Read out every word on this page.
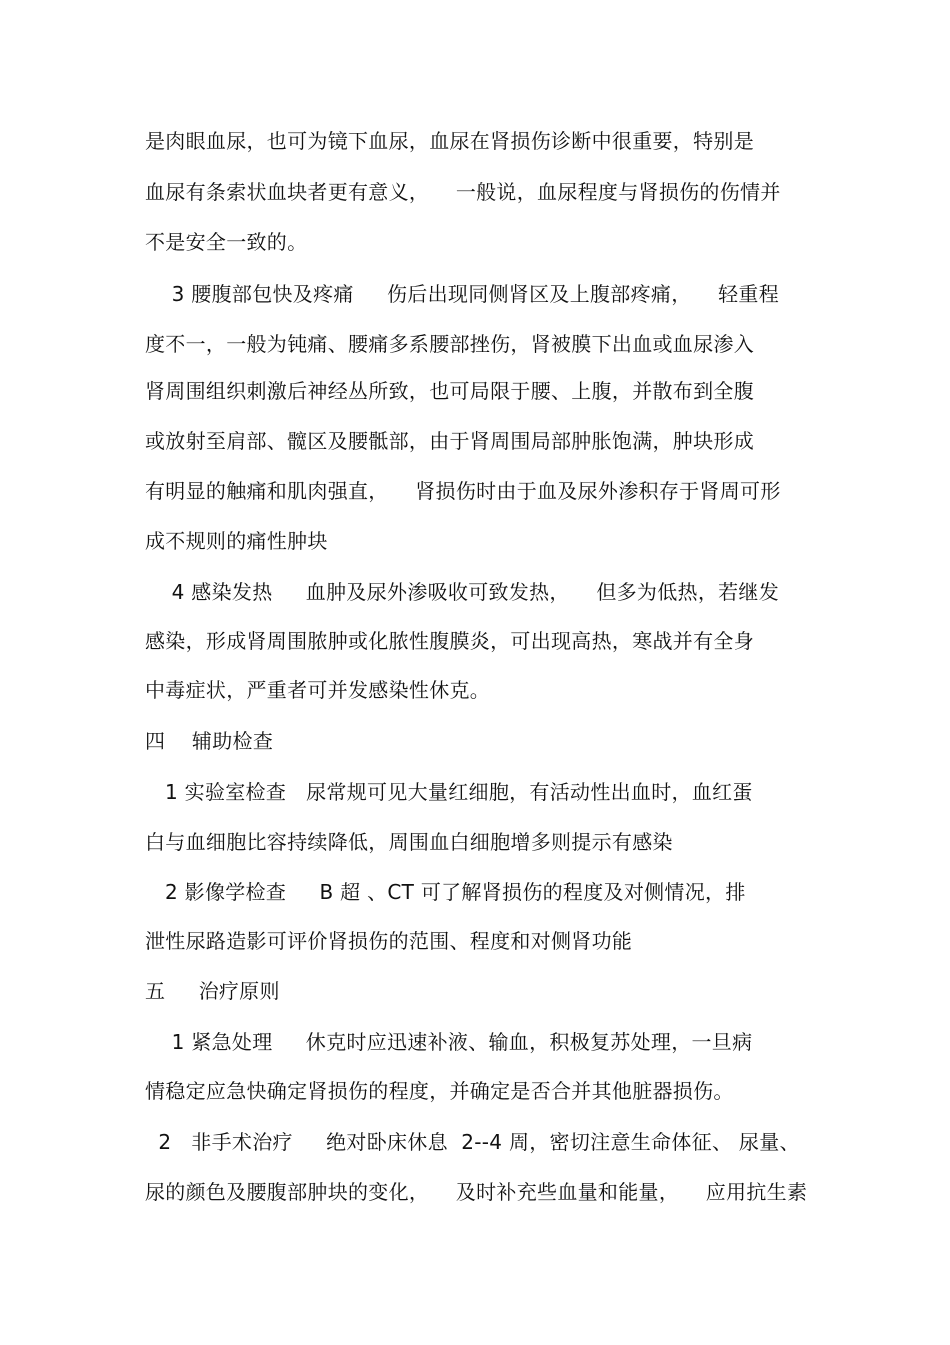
是肉眼血尿，也可为镜下血尿，血尿在肾损伤诊断中很重要，特别是
血尿有条索状血块者更有意义，    一般说，血尿程度与肾损伤的伤情并
不是安全一致的。
3 腰腹部包快及疼痛     伤后出现同侧肾区及上腹部疼痛，    轻重程
度不一，一般为钝痛、腰痛多系腰部挫伤，肾被膜下出血或血尿渗入
肾周围组织刺激后神经丛所致，也可局限于腰、上腹，并散布到全腹
或放射至肩部、髋区及腰骶部，由于肾周围局部肿胀饱满，肿块形成
有明显的触痛和肌肉强直，    肾损伤时由于血及尿外渗积存于肾周可形
成不规则的痛性肿块
4 感染发热     血肿及尿外渗吸收可致发热，    但多为低热，若继发
感染，形成肾周围脓肿或化脓性腹膜炎，可出现高热，寒战并有全身
中毒症状，严重者可并发感染性休克。
四    辅助检查
1 实验室检查   尿常规可见大量红细胞，有活动性出血时，血红蛋
白与血细胞比容持续降低，周围血白细胞增多则提示有感染
2 影像学检查     B 超 、CT 可了解肾损伤的程度及对侧情况，排
泄性尿路造影可评价肾损伤的范围、程度和对侧肾功能
五     治疗原则
1 紧急处理     休克时应迅速补液、输血，积极复苏处理，一旦病
情稳定应急快确定肾损伤的程度，并确定是否合并其他脏器损伤。
2   非手术治疗     绝对卧床休息  2--4 周，密切注意生命体征、 尿量、
尿的颜色及腰腹部肿块的变化，    及时补充些血量和能量，    应用抗生素
